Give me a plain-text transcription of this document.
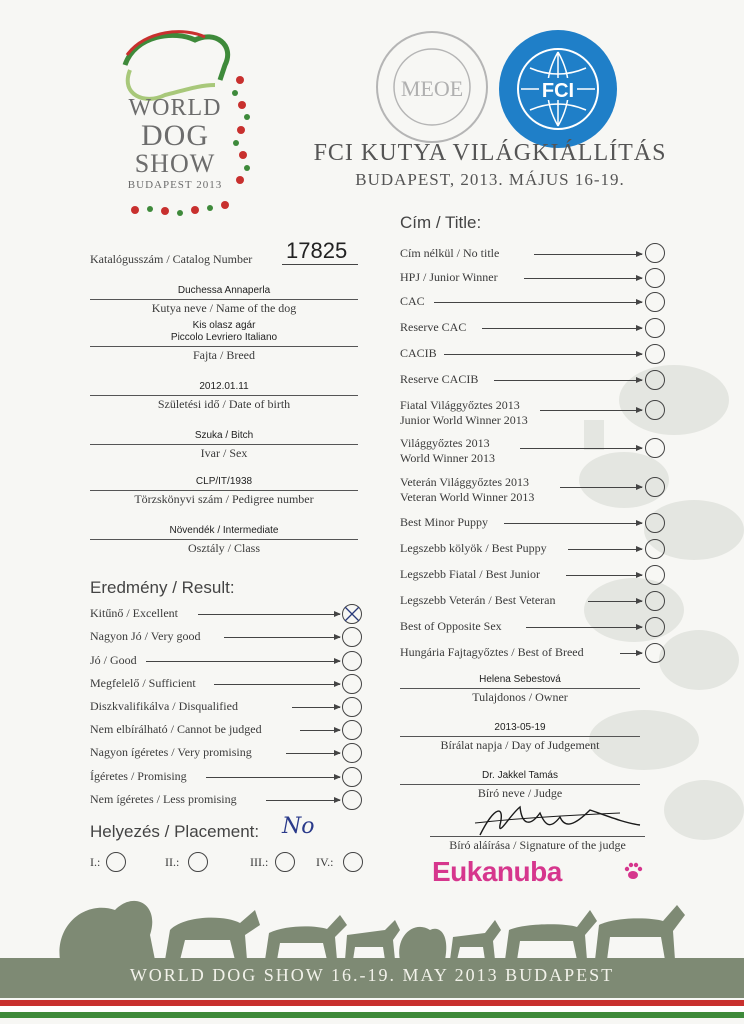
WORLD
DOG
SHOW
BUDAPEST 2013
MEOE	FCI
FCI KUTYA VILÁGKIÁLLÍTÁS
BUDAPEST, 2013. MÁJUS 16-19.
Katalógusszám / Catalog Number 17825
Duchessa Annaperla
Kutya neve / Name of the dog
Kis olasz agár
Piccolo Levriero Italiano
Fajta / Breed
2012.01.11
Születési idő / Date of birth
Szuka / Bitch
Ivar / Sex
CLP/IT/1938
Törzskönyvi szám / Pedigree number
Növendék / Intermediate
Osztály / Class
Eredmény / Result:
Kitűnő / Excellent
Nagyon Jó / Very good
Jó / Good
Megfelelő / Sufficient
Diszkvalifikálva / Disqualified
Nem elbírálható / Cannot be judged
Nagyon ígéretes / Very promising
Ígéretes / Promising
Nem ígéretes / Less promising
Helyezés / Placement: No
I.:	II.:	III.:	IV.:
Cím / Title:
Cím nélkül / No title
HPJ / Junior Winner
CAC
Reserve CAC
CACIB
Reserve CACIB
Fiatal Világgyőztes 2013
Junior World Winner 2013
Világgyőztes 2013
World Winner 2013
Veterán Világgyőztes 2013
Veteran World Winner 2013
Best Minor Puppy
Legszebb kölyök / Best Puppy
Legszebb Fiatal / Best Junior
Legszebb Veterán / Best Veteran
Best of Opposite Sex
Hungária Fajtagyőztes / Best of Breed
Helena Sebestová
Tulajdonos / Owner
2013-05-19
Bírálat napja / Day of Judgement
Dr. Jakkel Tamás
Bíró neve / Judge
Bíró aláírása / Signature of the judge
Eukanuba
WORLD DOG SHOW 16.-19. MAY 2013 BUDAPEST
